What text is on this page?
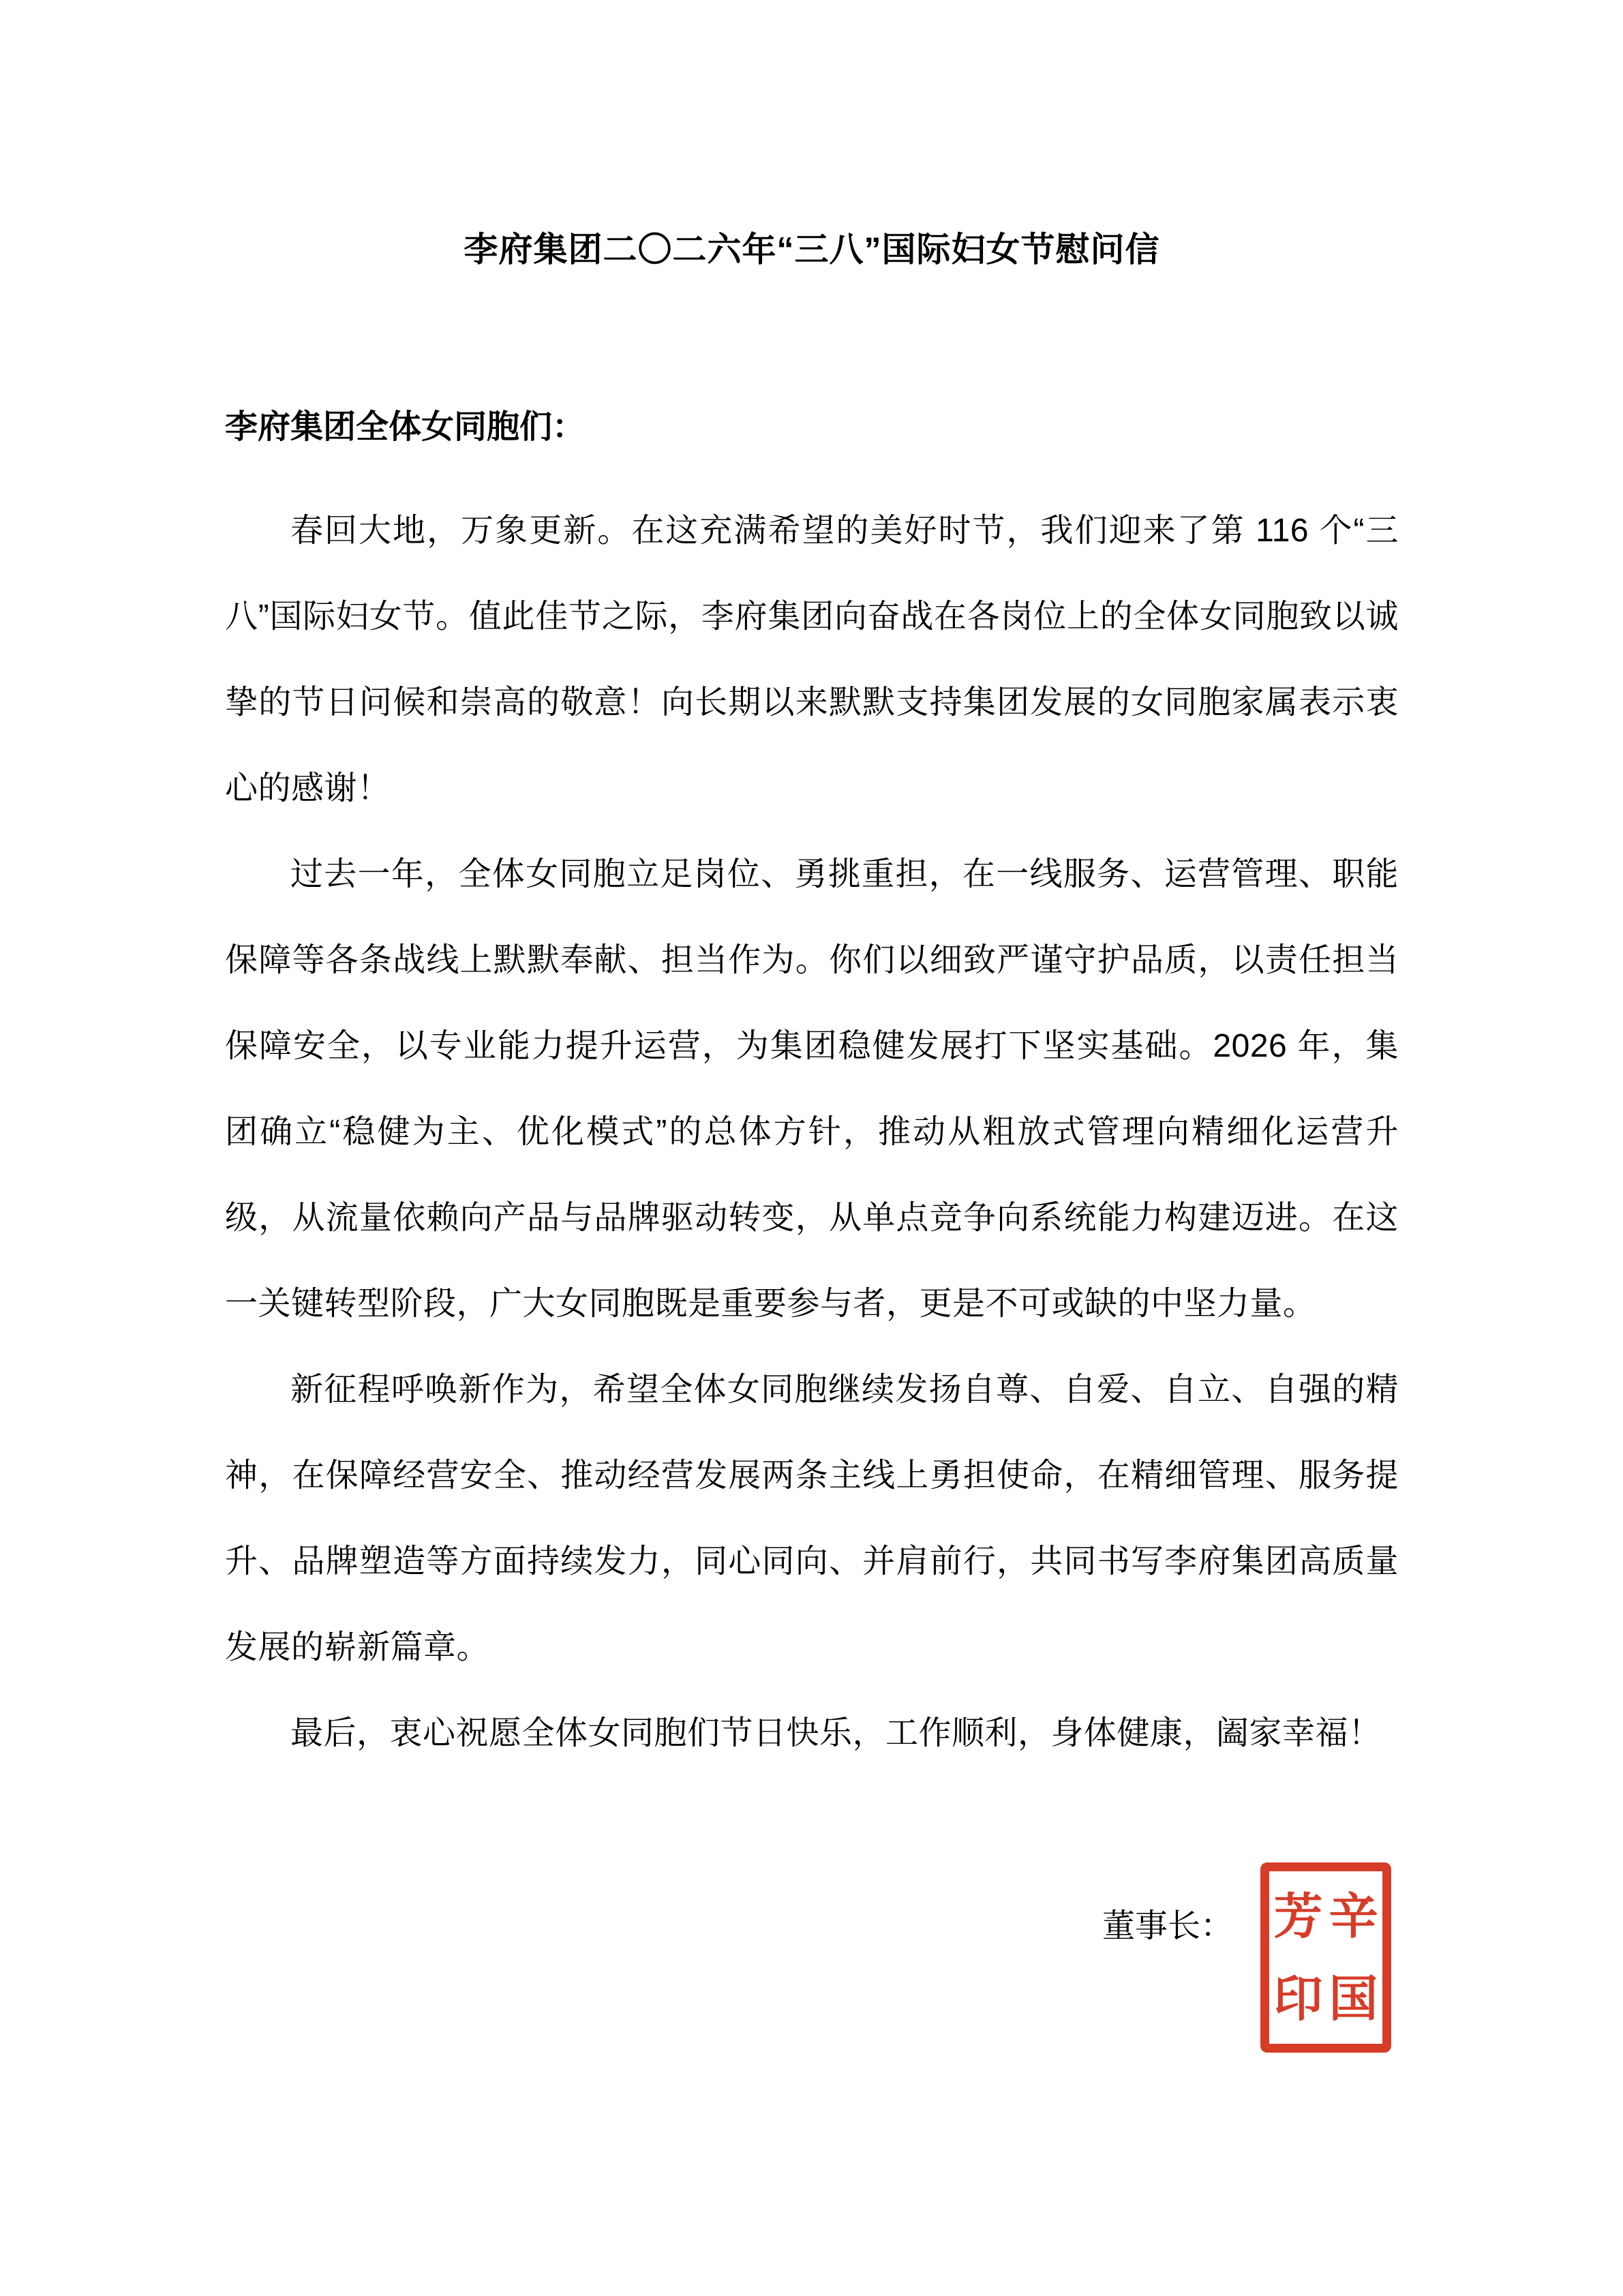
李府集团二〇二六年“三八”国际妇女节慰问信
李府集团全体女同胞们：

春回大地，万象更新。在这充满希望的美好时节，我们迎来了第 116 个“三八”国际妇女节。值此佳节之际，李府集团向奋战在各岗位上的全体女同胞致以诚挚的节日问候和崇高的敬意！向长期以来默默支持集团发展的女同胞家属表示衷心的感谢！

过去一年，全体女同胞立足岗位、勇挑重担，在一线服务、运营管理、职能保障等各条战线上默默奉献、担当作为。你们以细致严谨守护品质，以责任担当保障安全，以专业能力提升运营，为集团稳健发展打下坚实基础。2026 年，集团确立“稳健为主、优化模式”的总体方针，推动从粗放式管理向精细化运营升级，从流量依赖向产品与品牌驱动转变，从单点竞争向系统能力构建迈进。在这一关键转型阶段，广大女同胞既是重要参与者，更是不可或缺的中坚力量。

新征程呼唤新作为，希望全体女同胞继续发扬自尊、自爱、自立、自强的精神，在保障经营安全、推动经营发展两条主线上勇担使命，在精细管理、服务提升、品牌塑造等方面持续发力，同心同向、并肩前行，共同书写李府集团高质量发展的崭新篇章。

最后，衷心祝愿全体女同胞们节日快乐，工作顺利，身体健康，阖家幸福！

董事长： 芳 辛
印 国
